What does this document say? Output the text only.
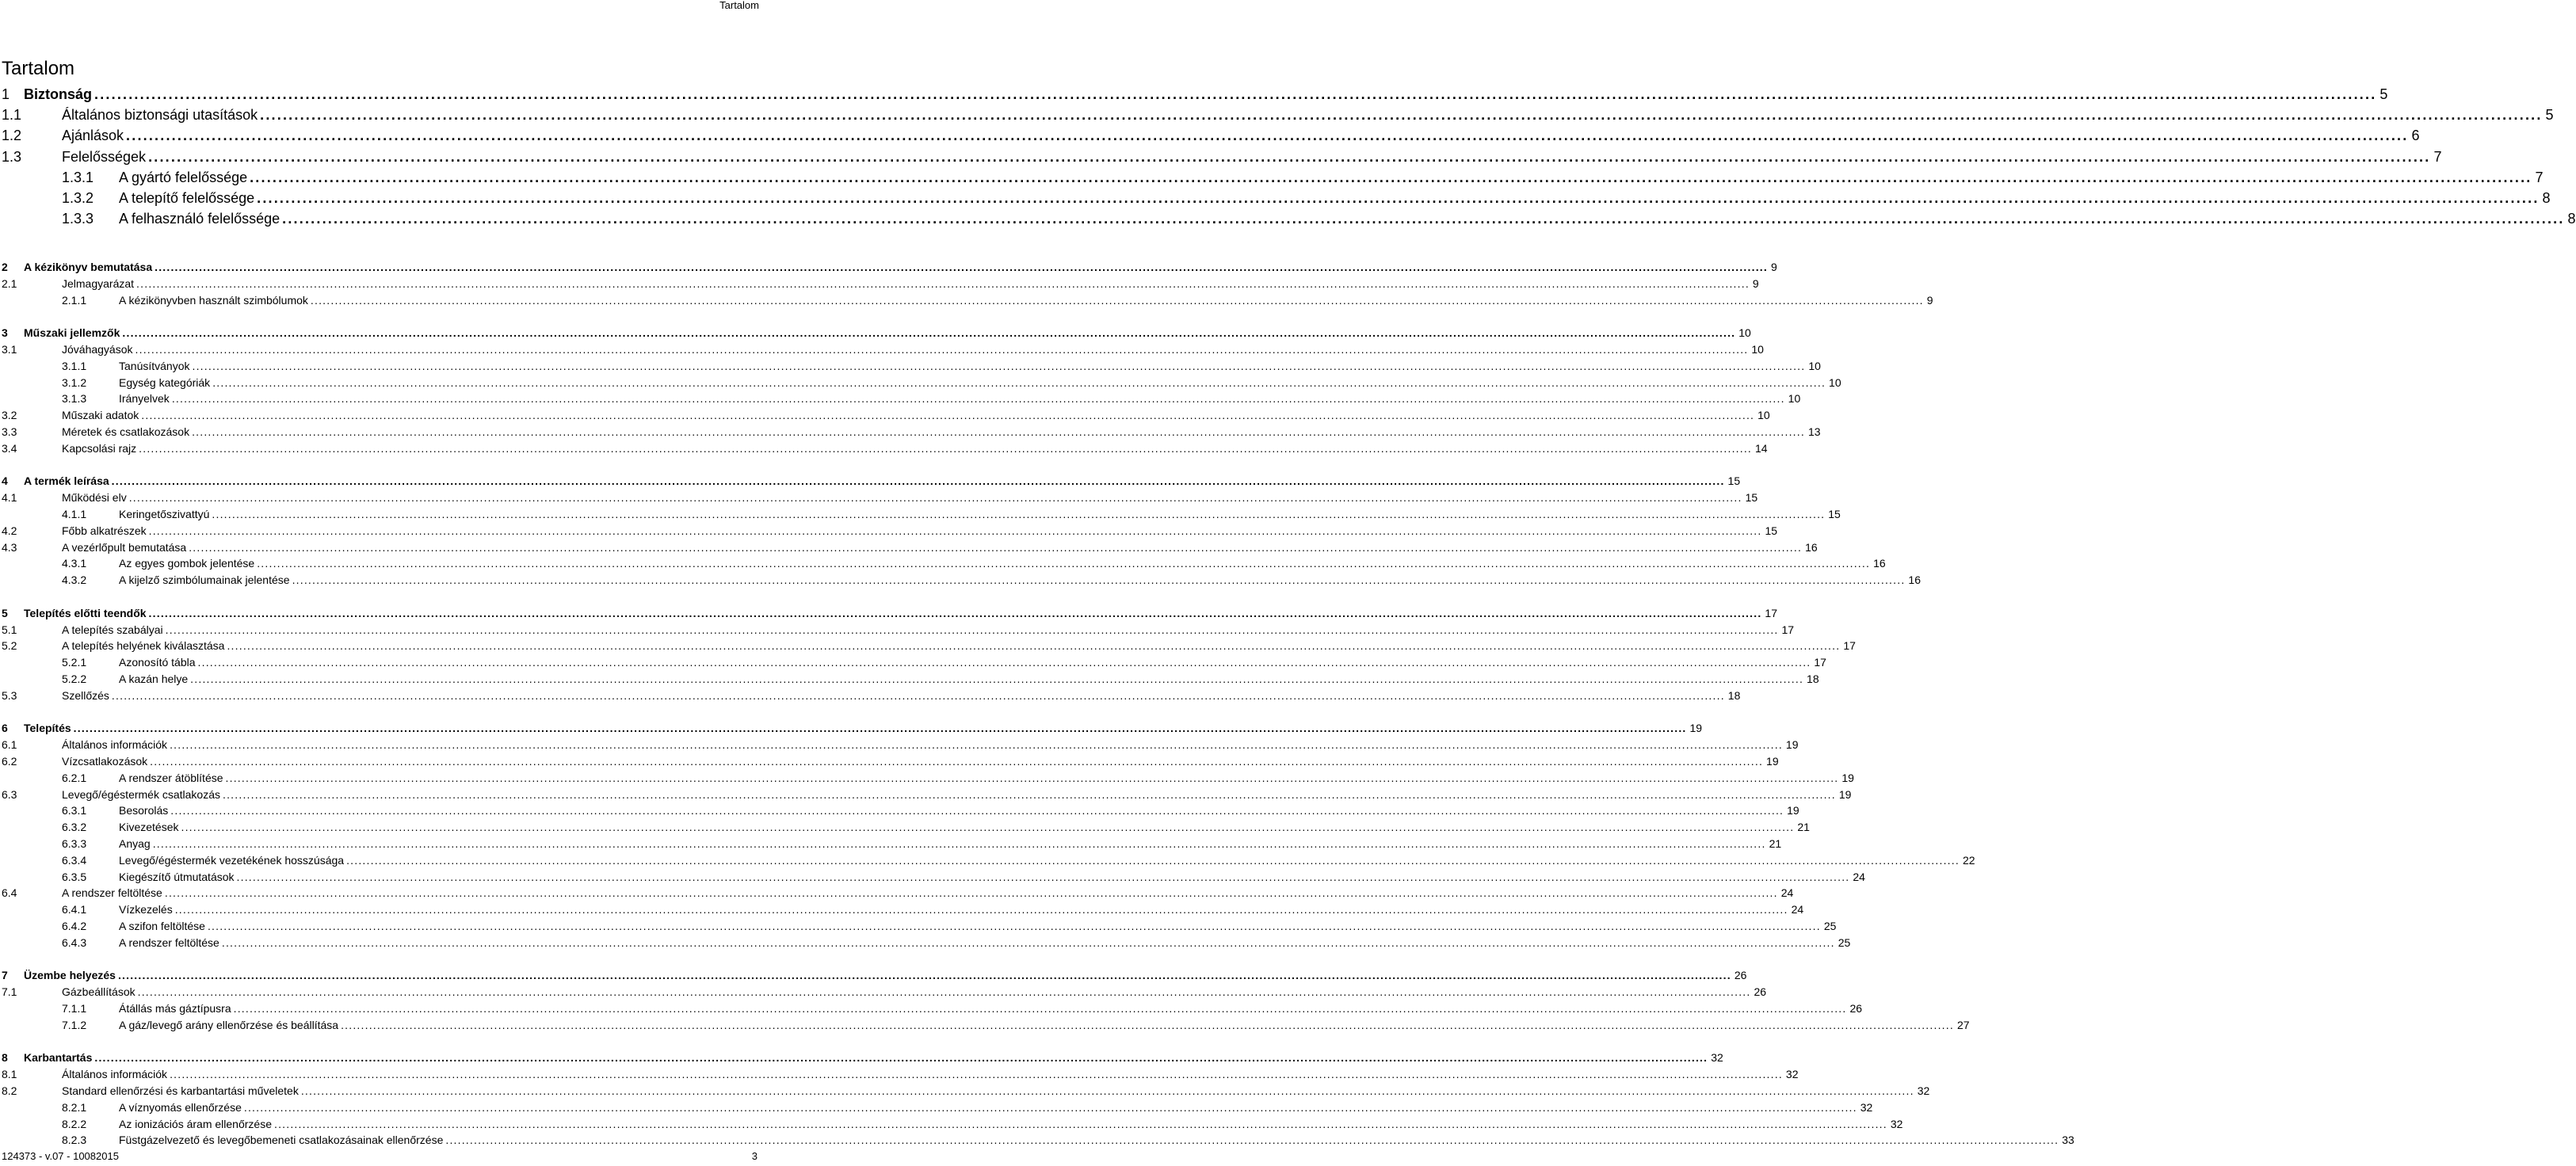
Tartalom
Tartalom
1 Biztonság ................................................................................................................................................................................................................................................................................................................................................................................................................ 5
1.1	Általános biztonsági utasítások ................................................................................................................................................................................................................................................................................................................................................................................................................ 5
1.2	Ajánlások ................................................................................................................................................................................................................................................................................................................................................................................................................ 6
1.3	Felelősségek ................................................................................................................................................................................................................................................................................................................................................................................................................ 7
1.3.1 A gyártó felelőssége ................................................................................................................................................................................................................................................................................................................................................................................................................ 7
1.3.2 A telepítő felelőssége ................................................................................................................................................................................................................................................................................................................................................................................................................ 8
1.3.3 A felhasználó felelőssége ................................................................................................................................................................................................................................................................................................................................................................................................................ 8
2 A kézikönyv bemutatása ................................................................................................................................................................................................................................................................................................................................................................................................................ 9
2.1	Jelmagyarázat ................................................................................................................................................................................................................................................................................................................................................................................................................ 9
2.1.1	A kézikönyvben használt szimbólumok ................................................................................................................................................................................................................................................................................................................................................................................................................ 9
3 Műszaki jellemzők ................................................................................................................................................................................................................................................................................................................................................................................................................ 10
3.1	Jóváhagyások ................................................................................................................................................................................................................................................................................................................................................................................................................ 10
3.1.1	Tanúsítványok ................................................................................................................................................................................................................................................................................................................................................................................................................ 10
3.1.2	Egység kategóriák ................................................................................................................................................................................................................................................................................................................................................................................................................ 10
3.1.3	Irányelvek ................................................................................................................................................................................................................................................................................................................................................................................................................ 10
3.2	Műszaki adatok ................................................................................................................................................................................................................................................................................................................................................................................................................ 10
3.3	Méretek és csatlakozások ................................................................................................................................................................................................................................................................................................................................................................................................................ 13
3.4	Kapcsolási rajz ................................................................................................................................................................................................................................................................................................................................................................................................................ 14
4 A termék leírása ................................................................................................................................................................................................................................................................................................................................................................................................................ 15
4.1	Működési elv ................................................................................................................................................................................................................................................................................................................................................................................................................ 15
4.1.1	Keringetőszivattyú ................................................................................................................................................................................................................................................................................................................................................................................................................ 15
4.2	Főbb alkatrészek ................................................................................................................................................................................................................................................................................................................................................................................................................ 15
4.3	A vezérlőpult bemutatása ................................................................................................................................................................................................................................................................................................................................................................................................................ 16
4.3.1	Az egyes gombok jelentése ................................................................................................................................................................................................................................................................................................................................................................................................................ 16
4.3.2	A kijelző szimbólumainak jelentése ................................................................................................................................................................................................................................................................................................................................................................................................................ 16
5 Telepítés előtti teendők ................................................................................................................................................................................................................................................................................................................................................................................................................ 17
5.1	A telepítés szabályai ................................................................................................................................................................................................................................................................................................................................................................................................................ 17
5.2	A telepítés helyének kiválasztása ................................................................................................................................................................................................................................................................................................................................................................................................................ 17
5.2.1	Azonosító tábla ................................................................................................................................................................................................................................................................................................................................................................................................................ 17
5.2.2	A kazán helye ................................................................................................................................................................................................................................................................................................................................................................................................................ 18
5.3	Szellőzés ................................................................................................................................................................................................................................................................................................................................................................................................................ 18
6 Telepítés ................................................................................................................................................................................................................................................................................................................................................................................................................ 19
6.1	Általános információk ................................................................................................................................................................................................................................................................................................................................................................................................................ 19
6.2	Vízcsatlakozások ................................................................................................................................................................................................................................................................................................................................................................................................................ 19
6.2.1	A rendszer átöblítése ................................................................................................................................................................................................................................................................................................................................................................................................................ 19
6.3	Levegő/égéstermék csatlakozás ................................................................................................................................................................................................................................................................................................................................................................................................................ 19
6.3.1	Besorolás ................................................................................................................................................................................................................................................................................................................................................................................................................ 19
6.3.2	Kivezetések ................................................................................................................................................................................................................................................................................................................................................................................................................ 21
6.3.3	Anyag ................................................................................................................................................................................................................................................................................................................................................................................................................ 21
6.3.4	Levegő/égéstermék vezetékének hosszúsága ................................................................................................................................................................................................................................................................................................................................................................................................................ 22
6.3.5	Kiegészítő útmutatások ................................................................................................................................................................................................................................................................................................................................................................................................................ 24
6.4	A rendszer feltöltése ................................................................................................................................................................................................................................................................................................................................................................................................................ 24
6.4.1	Vízkezelés ................................................................................................................................................................................................................................................................................................................................................................................................................ 24
6.4.2	A szifon feltöltése ................................................................................................................................................................................................................................................................................................................................................................................................................ 25
6.4.3	A rendszer feltöltése ................................................................................................................................................................................................................................................................................................................................................................................................................ 25
7 Üzembe helyezés ................................................................................................................................................................................................................................................................................................................................................................................................................ 26
7.1	Gázbeállítások ................................................................................................................................................................................................................................................................................................................................................................................................................ 26
7.1.1	Átállás más gáztípusra ................................................................................................................................................................................................................................................................................................................................................................................................................ 26
7.1.2	A gáz/levegő arány ellenőrzése és beállítása ................................................................................................................................................................................................................................................................................................................................................................................................................ 27
8 Karbantartás ................................................................................................................................................................................................................................................................................................................................................................................................................ 32
8.1	Általános információk ................................................................................................................................................................................................................................................................................................................................................................................................................ 32
8.2	Standard ellenőrzési és karbantartási műveletek ................................................................................................................................................................................................................................................................................................................................................................................................................ 32
8.2.1	A víznyomás ellenőrzése ................................................................................................................................................................................................................................................................................................................................................................................................................ 32
8.2.2	Az ionizációs áram ellenőrzése ................................................................................................................................................................................................................................................................................................................................................................................................................ 32
8.2.3	Füstgázelvezető és levegőbemeneti csatlakozásainak ellenőrzése ................................................................................................................................................................................................................................................................................................................................................................................................................ 33
124373 - v.07 - 10082015	3
